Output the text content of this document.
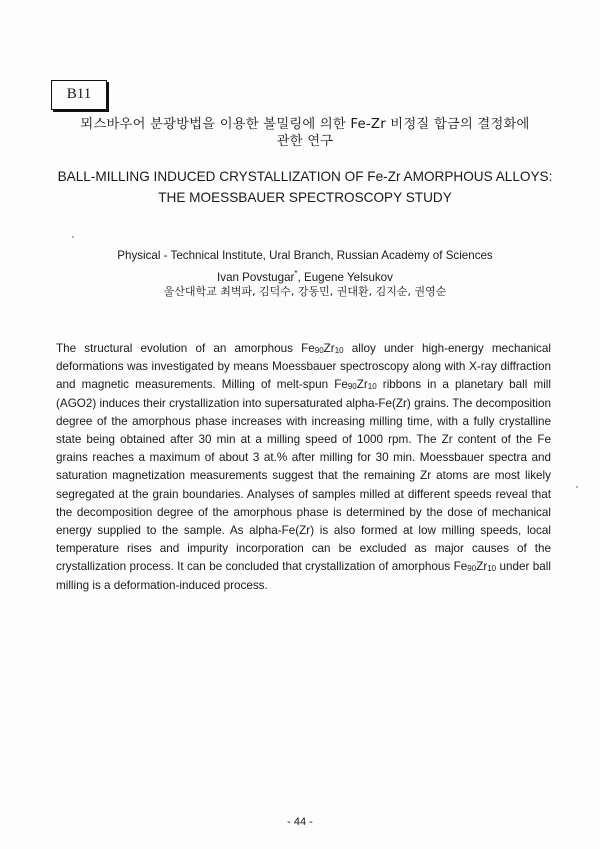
B11
뫼스바우어 분광방법을 이용한 볼밀링에 의한 Fe-Zr 비정질 합금의 결정화에
관한 연구
BALL-MILLING INDUCED CRYSTALLIZATION OF Fe-Zr AMORPHOUS ALLOYS:
THE MOESSBAUER SPECTROSCOPY STUDY
Physical - Technical Institute, Ural Branch, Russian Academy of Sciences
Ivan Povstugar*, Eugene Yelsukov
울산대학교 최벽파, 김덕수, 강동민, 권대환, 김지순, 권영순
The structural evolution of an amorphous $Fe_{90}Zr_{10}$ alloy under high-energy mechanical deformations was investigated by means Moessbauer spectroscopy along with X-ray diffraction and magnetic measurements. Milling of melt-spun $Fe_{90}Zr_{10}$ ribbons in a planetary ball mill (AGO2) induces their crystallization into supersaturated alpha-Fe(Zr) grains. The decomposition degree of the amorphous phase increases with increasing milling time, with a fully crystalline state being obtained after 30 min at a milling speed of 1000 rpm. The Zr content of the Fe grains reaches a maximum of about 3 at.% after milling for 30 min. Moessbauer spectra and saturation magnetization measurements suggest that the remaining Zr atoms are most likely segregated at the grain boundaries. Analyses of samples milled at different speeds reveal that the decomposition degree of the amorphous phase is determined by the dose of mechanical energy supplied to the sample. As alpha-Fe(Zr) is also formed at low milling speeds, local temperature rises and impurity incorporation can be excluded as major causes of the crystallization process. It can be concluded that crystallization of amorphous $Fe_{90}Zr_{10}$ under ball milling is a deformation-induced process.
- 44 -
